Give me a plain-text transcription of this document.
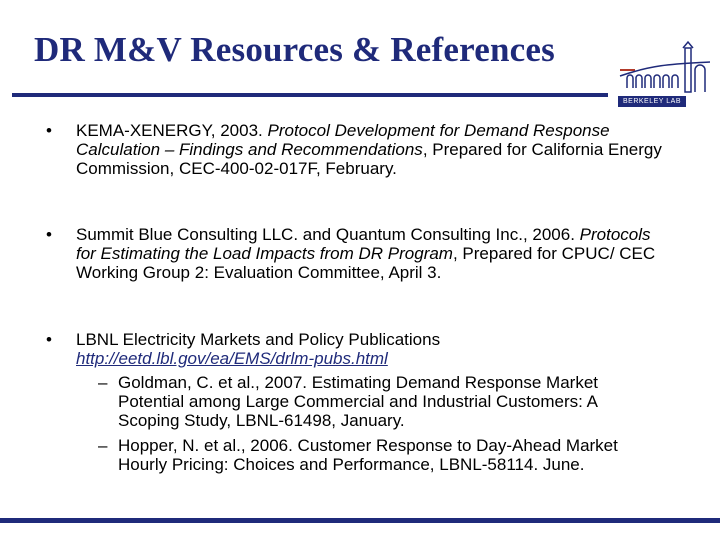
DR M&V Resources & References
BERKELEY LAB
• KEMA-XENERGY, 2003. Protocol Development for Demand Response Calculation – Findings and Recommendations, Prepared for California Energy Commission, CEC-400-02-017F, February.
• Summit Blue Consulting LLC. and Quantum Consulting Inc., 2006. Protocols for Estimating the Load Impacts from DR Program, Prepared for CPUC/ CEC Working Group 2: Evaluation Committee, April 3.
• LBNL Electricity Markets and Policy Publications
http://eetd.lbl.gov/ea/EMS/drlm-pubs.html
– Goldman, C. et al., 2007. Estimating Demand Response Market Potential among Large Commercial and Industrial Customers: A Scoping Study, LBNL-61498, January.
– Hopper, N. et al., 2006. Customer Response to Day-Ahead Market Hourly Pricing: Choices and Performance, LBNL-58114. June.
